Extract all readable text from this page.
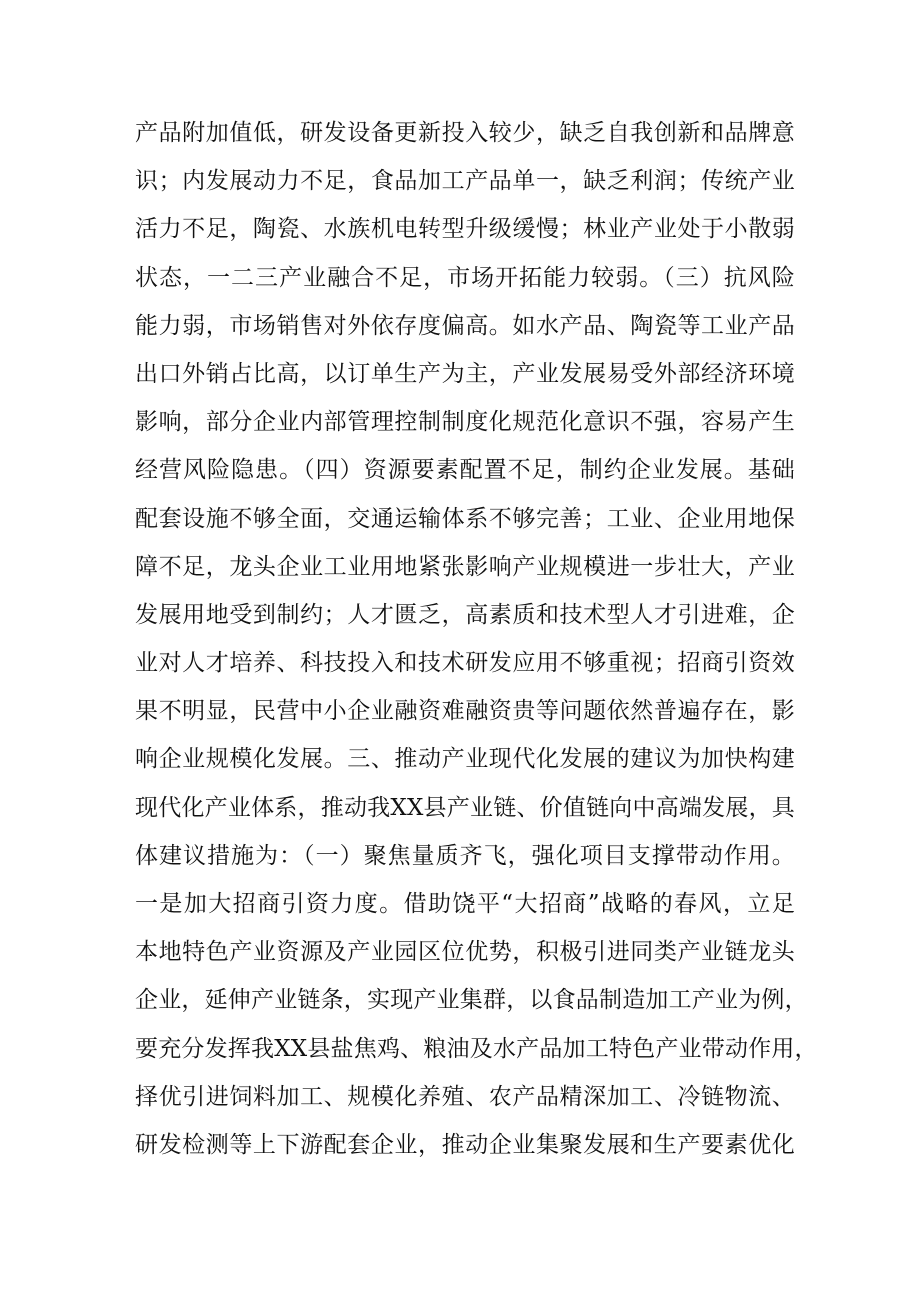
产品附加值低，研发设备更新投入较少，缺乏自我创新和品牌意
识；内发展动力不足，食品加工产品单一，缺乏利润；传统产业
活力不足，陶瓷、水族机电转型升级缓慢；林业产业处于小散弱
状态，一二三产业融合不足，市场开拓能力较弱。（三）抗风险
能力弱，市场销售对外依存度偏高。如水产品、陶瓷等工业产品
出口外销占比高，以订单生产为主，产业发展易受外部经济环境
影响，部分企业内部管理控制制度化规范化意识不强，容易产生
经营风险隐患。（四）资源要素配置不足，制约企业发展。基础
配套设施不够全面，交通运输体系不够完善；工业、企业用地保
障不足，龙头企业工业用地紧张影响产业规模进一步壮大，产业
发展用地受到制约；人才匮乏，高素质和技术型人才引进难，企
业对人才培养、科技投入和技术研发应用不够重视；招商引资效
果不明显，民营中小企业融资难融资贵等问题依然普遍存在，影
响企业规模化发展。三、推动产业现代化发展的建议为加快构建
现代化产业体系，推动我XX县产业链、价值链向中高端发展，具
体建议措施为：（一）聚焦量质齐飞，强化项目支撑带动作用。
一是加大招商引资力度。借助饶平“大招商”战略的春风，立足
本地特色产业资源及产业园区位优势，积极引进同类产业链龙头
企业，延伸产业链条，实现产业集群，以食品制造加工产业为例，
要充分发挥我XX县盐焦鸡、粮油及水产品加工特色产业带动作用，
择优引进饲料加工、规模化养殖、农产品精深加工、冷链物流、
研发检测等上下游配套企业，推动企业集聚发展和生产要素优化
